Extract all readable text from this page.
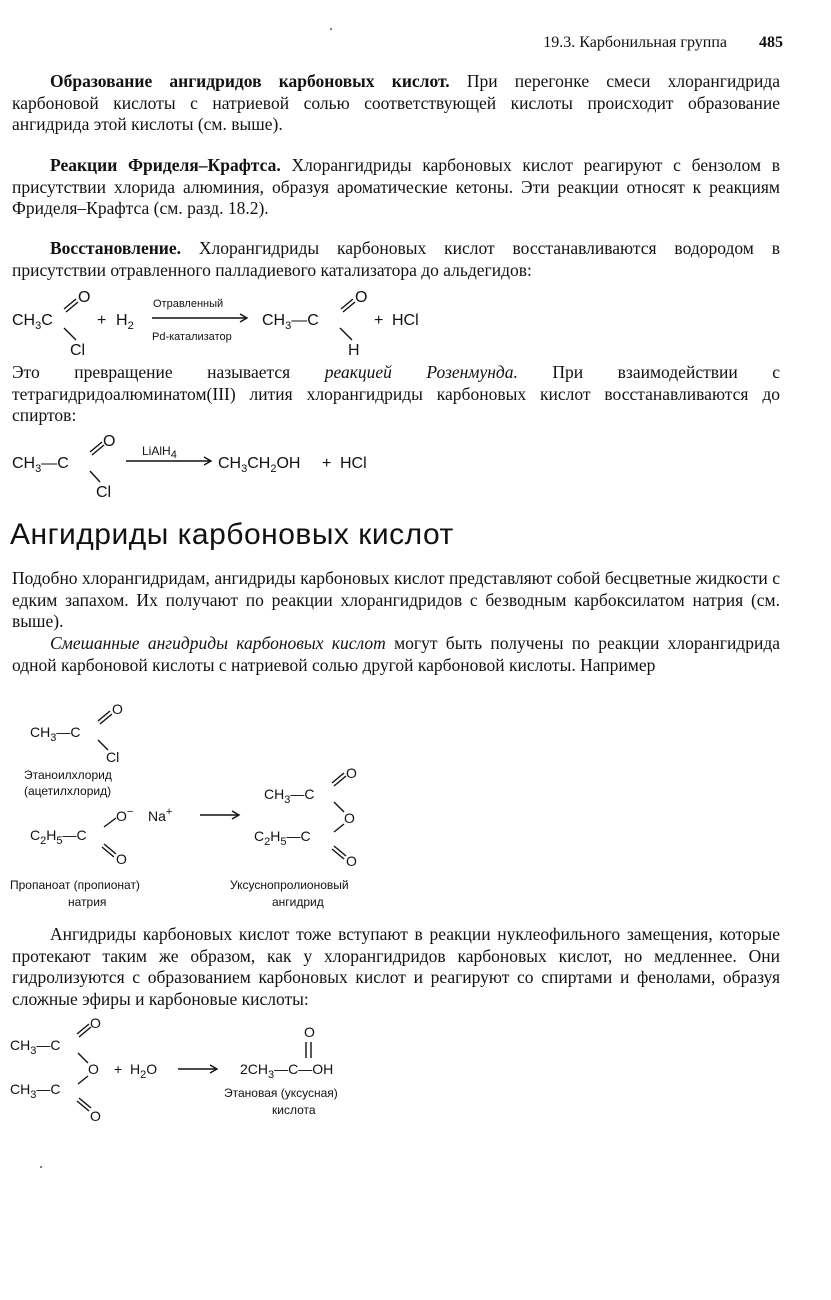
19.3. Карбонильная группа 485

Образование ангидридов карбоновых кислот. При перегонке смеси хлорангидрида карбоновой кислоты с натриевой солью соответствующей кислоты происходит образование ангидрида этой кислоты (см. выше).

Реакции Фриделя–Крафтса. Хлорангидриды карбоновых кислот реагируют с бензолом в присутствии хлорида алюминия, образуя ароматические кетоны. Эти реакции относят к реакциям Фриделя–Крафтса (см. разд. 18.2).

Восстановление. Хлорангидриды карбоновых кислот восстанавливаются водородом в присутствии отравленного палладиевого катализатора до альдегидов:

$CH_3C$
O
Cl
+ $H_2$
Отравленный
Pd-катализатор
$CH_3—C$
O
H
+ HCl

Это превращение называется реакцией Розенмунда. При взаимодействии с тетрагидридоалюминатом(III) лития хлорангидриды карбоновых кислот восстанавливаются до спиртов:

$CH_3—C$
O
Cl
LiAlH4	$CH_3CH_2OH$ + HCl
Ангидриды карбоновых кислот

Подобно хлорангидридам, ангидриды карбоновых кислот представляют собой бесцветные жидкости с едким запахом. Их получают по реакции хлорангидридов с безводным карбоксилатом натрия (см. выше).

Смешанные ангидриды карбоновых кислот могут быть получены по реакции хлорангидрида одной карбоновой кислоты с натриевой солью другой карбоновой кислоты. Например

$CH_3—C$
O
Cl
Этаноилхлорид
(ацетилхлорид)
$C_2H_5—C$
O− Na+
O
Пропаноат (пропионат)
натрия
$CH_3—C$
O
O
$C_2H_5—C$
O
Уксуснопролионовый
ангидрид

Ангидриды карбоновых кислот тоже вступают в реакции нуклеофильного замещения, которые протекают таким же образом, как у хлорангидридов карбоновых кислот, но медленнее. Они гидролизуются с образованием карбоновых кислот и реагируют со спиртами и фенолами, образуя сложные эфиры и карбоновые кислоты:

$CH_3—C$
O
O
$CH_3—C$
O
+ $H_2O$
O
$2CH_3—C—OH$
Этановая (уксусная)
кислота
